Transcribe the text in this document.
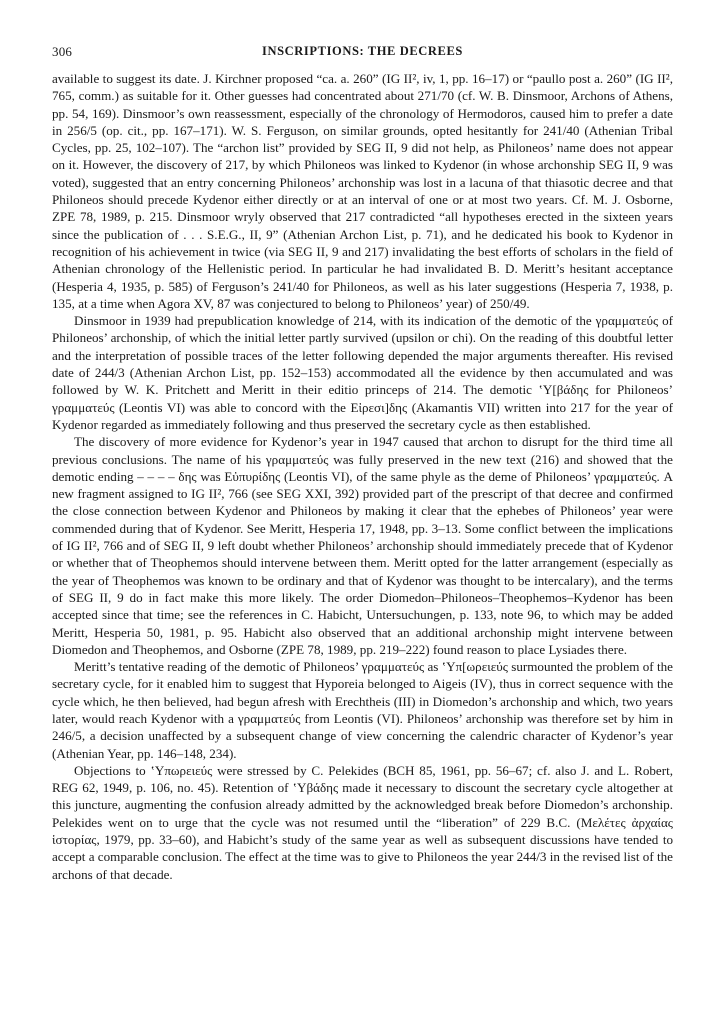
306	INSCRIPTIONS: THE DECREES

available to suggest its date. J. Kirchner proposed “ca. a. 260” (IG II², iv, 1, pp. 16–17) or “paullo post a. 260” (IG II², 765, comm.) as suitable for it. Other guesses had concentrated about 271/70 (cf. W. B. Dinsmoor, Archons of Athens, pp. 54, 169). Dinsmoor’s own reassessment, especially of the chronology of Hermodoros, caused him to prefer a date in 256/5 (op. cit., pp. 167–171). W. S. Ferguson, on similar grounds, opted hesitantly for 241/40 (Athenian Tribal Cycles, pp. 25, 102–107). The “archon list” provided by SEG II, 9 did not help, as Philoneos’ name does not appear on it. However, the discovery of 217, by which Philoneos was linked to Kydenor (in whose archonship SEG II, 9 was voted), suggested that an entry concerning Philoneos’ archonship was lost in a lacuna of that thiasotic decree and that Philoneos should precede Kydenor either directly or at an interval of one or at most two years. Cf. M. J. Osborne, ZPE 78, 1989, p. 215. Dinsmoor wryly observed that 217 contradicted “all hypotheses erected in the sixteen years since the publication of . . . S.E.G., II, 9” (Athenian Archon List, p. 71), and he dedicated his book to Kydenor in recognition of his achievement in twice (via SEG II, 9 and 217) invalidating the best efforts of scholars in the field of Athenian chronology of the Hellenistic period. In particular he had invalidated B. D. Meritt’s hesitant acceptance (Hesperia 4, 1935, p. 585) of Ferguson’s 241/40 for Philoneos, as well as his later suggestions (Hesperia 7, 1938, p. 135, at a time when Agora XV, 87 was conjectured to belong to Philoneos’ year) of 250/49.

Dinsmoor in 1939 had prepublication knowledge of 214, with its indication of the demotic of the γραμματεύς of Philoneos’ archonship, of which the initial letter partly survived (upsilon or chi). On the reading of this doubtful letter and the interpretation of possible traces of the letter following depended the major arguments thereafter. His revised date of 244/3 (Athenian Archon List, pp. 152–153) accommodated all the evidence by then accumulated and was followed by W. K. Pritchett and Meritt in their editio princeps of 214. The demotic ʽΥ[βάδης for Philoneos’ γραμματεύς (Leontis VI) was able to concord with the Εἰρεσι]δης (Akamantis VII) written into 217 for the year of Kydenor regarded as immediately following and thus preserved the secretary cycle as then established.

The discovery of more evidence for Kydenor’s year in 1947 caused that archon to disrupt for the third time all previous conclusions. The name of his γραμματεύς was fully preserved in the new text (216) and showed that the demotic ending – – – – δης was Εὐπυρίδης (Leontis VI), of the same phyle as the deme of Philoneos’ γραμματεύς. A new fragment assigned to IG II², 766 (see SEG XXI, 392) provided part of the prescript of that decree and confirmed the close connection between Kydenor and Philoneos by making it clear that the ephebes of Philoneos’ year were commended during that of Kydenor. See Meritt, Hesperia 17, 1948, pp. 3–13. Some conflict between the implications of IG II², 766 and of SEG II, 9 left doubt whether Philoneos’ archonship should immediately precede that of Kydenor or whether that of Theophemos should intervene between them. Meritt opted for the latter arrangement (especially as the year of Theophemos was known to be ordinary and that of Kydenor was thought to be intercalary), and the terms of SEG II, 9 do in fact make this more likely. The order Diomedon–Philoneos–Theophemos–Kydenor has been accepted since that time; see the references in C. Habicht, Untersuchungen, p. 133, note 96, to which may be added Meritt, Hesperia 50, 1981, p. 95. Habicht also observed that an additional archonship might intervene between Diomedon and Theophemos, and Osborne (ZPE 78, 1989, pp. 219–222) found reason to place Lysiades there.

Meritt’s tentative reading of the demotic of Philoneos’ γραμματεύς as ʽΥπ[ωρειεύς surmounted the problem of the secretary cycle, for it enabled him to suggest that Hyporeia belonged to Aigeis (IV), thus in correct sequence with the cycle which, he then believed, had begun afresh with Erechtheis (III) in Diomedon’s archonship and which, two years later, would reach Kydenor with a γραμματεύς from Leontis (VI). Philoneos’ archonship was therefore set by him in 246/5, a decision unaffected by a subsequent change of view concerning the calendric character of Kydenor’s year (Athenian Year, pp. 146–148, 234).

Objections to ʽΥπωρειεύς were stressed by C. Pelekides (BCH 85, 1961, pp. 56–67; cf. also J. and L. Robert, REG 62, 1949, p. 106, no. 45). Retention of ʽΥβάδης made it necessary to discount the secretary cycle altogether at this juncture, augmenting the confusion already admitted by the acknowledged break before Diomedon’s archonship. Pelekides went on to urge that the cycle was not resumed until the “liberation” of 229 B.C. (Μελέτες ἀρχαίας ἱστορίας, 1979, pp. 33–60), and Habicht’s study of the same year as well as subsequent discussions have tended to accept a comparable conclusion. The effect at the time was to give to Philoneos the year 244/3 in the revised list of the archons of that decade.
